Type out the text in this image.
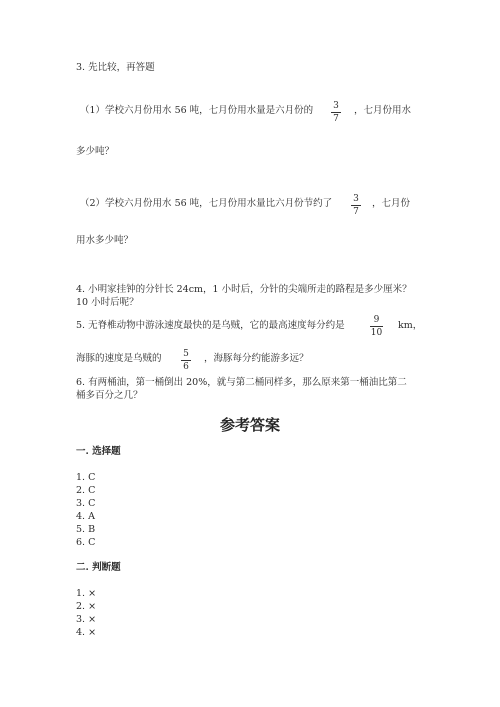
3. 先比较，再答题
（1）学校六月份用水 56 吨，七月份用水量是六月份的 3
7
，七月份用水
多少吨？
（2）学校六月份用水 56 吨，七月份用水量比六月份节约了 3
7
，七月份
用水多少吨？
4. 小明家挂钟的分针长 24cm，1 小时后，分针的尖端所走的路程是多少厘米？
10 小时后呢？
5. 无脊椎动物中游泳速度最快的是乌贼，它的最高速度每分约是	9
10
km，
海豚的速度是乌贼的 5
6
，海豚每分约能游多远？
6. 有两桶油，第一桶倒出 20%，就与第二桶同样多，那么原来第一桶油比第二
桶多百分之几？
参考答案
一. 选择题
1. C
2. C
3. C
4. A
5. B
6. C
二. 判断题
1. ×
2. ×
3. ×
4. ×
